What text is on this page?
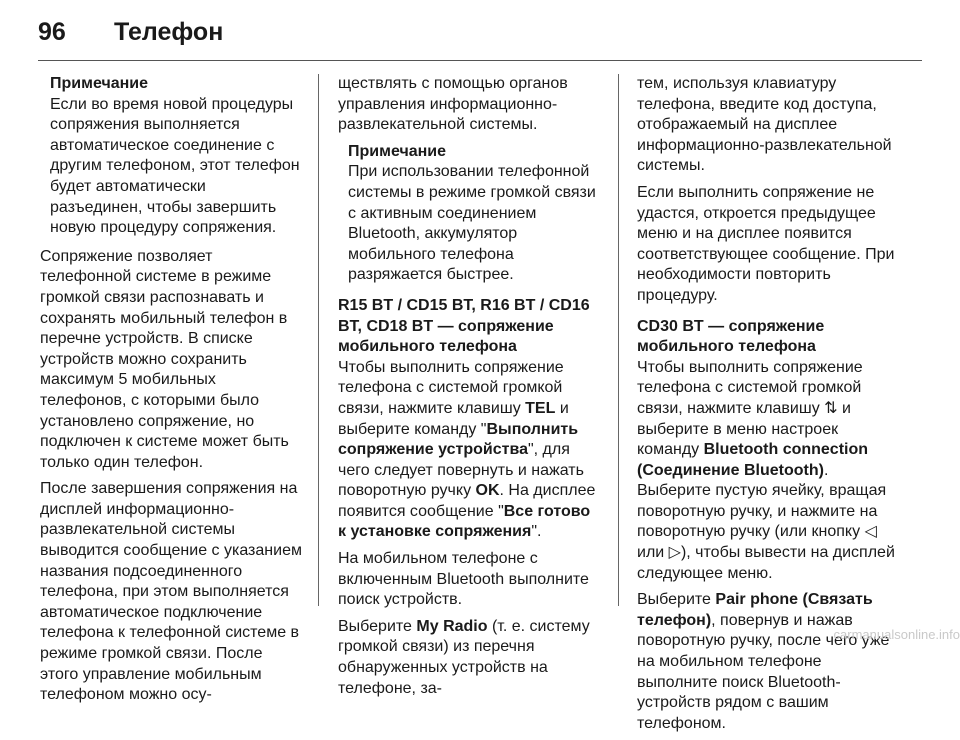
96 Телефон
Примечание
Если во время новой процедуры сопряжения выполняется автоматическое соединение с другим телефоном, этот телефон будет автоматически разъединен, чтобы завершить новую процедуру сопряжения.

Сопряжение позволяет телефонной системе в режиме громкой связи распознавать и сохранять мобильный телефон в перечне устройств. В списке устройств можно сохранить максимум 5 мобильных телефонов, с которыми было установлено сопряжение, но подключен к системе может быть только один телефон.

После завершения сопряжения на дисплей информационно-развлекательной системы выводится сообщение с указанием названия подсоединенного телефона, при этом выполняется автоматическое подключение телефона к телефонной системе в режиме громкой связи. После этого управление мобильным телефоном можно осу-

ществлять с помощью органов управления информационно-развлекательной системы.

Примечание
При использовании телефонной системы в режиме громкой связи с активным соединением Bluetooth, аккумулятор мобильного телефона разряжается быстрее.
R15 BT / CD15 BT, R16 BT / CD16 BT, CD18 BT — сопряжение мобильного телефона

Чтобы выполнить сопряжение телефона с системой громкой связи, нажмите клавишу TEL и выберите команду "Выполнить сопряжение устройства", для чего следует повернуть и нажать поворотную ручку OK. На дисплее появится сообщение "Все готово к установке сопряжения".

На мобильном телефоне с включенным Bluetooth выполните поиск устройств.

Выберите My Radio (т. е. систему громкой связи) из перечня обнаруженных устройств на телефоне, за-

тем, используя клавиатуру телефона, введите код доступа, отображаемый на дисплее информационно-развлекательной системы.

Если выполнить сопряжение не удастся, откроется предыдущее меню и на дисплее появится соответствующее сообщение. При необходимости повторить процедуру.

CD30 BT — сопряжение мобильного телефона

Чтобы выполнить сопряжение телефона с системой громкой связи, нажмите клавишу ⇅ и выберите в меню настроек команду Bluetooth connection (Соединение Bluetooth). Выберите пустую ячейку, вращая поворотную ручку, и нажмите на поворотную ручку (или кнопку ◁ или ▷), чтобы вывести на дисплей следующее меню.

Выберите Pair phone (Связать телефон), повернув и нажав поворотную ручку, после чего уже на мобильном телефоне выполните поиск Bluetooth-устройств рядом с вашим телефоном.

carmanualsonline.info
